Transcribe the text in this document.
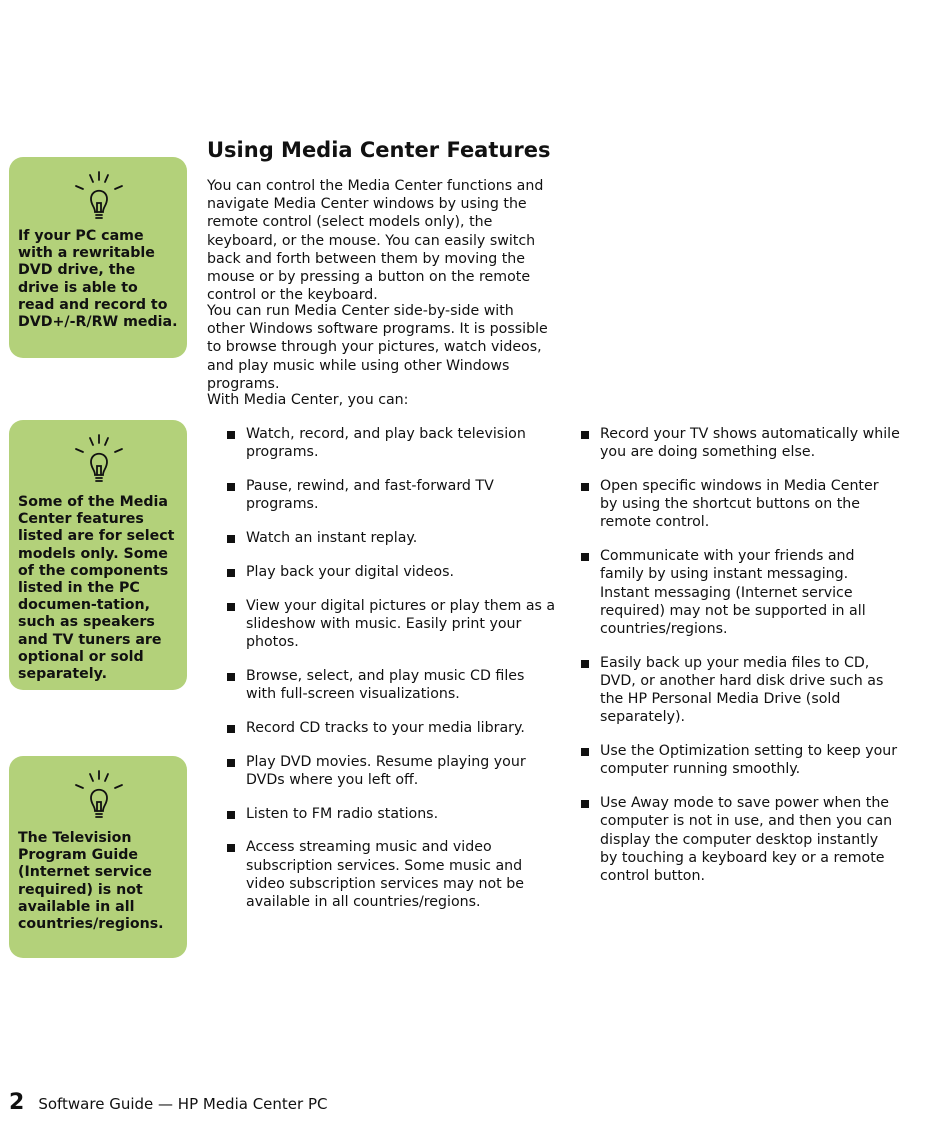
If your PC came with a rewritable DVD drive, the drive is able to read and record to DVD+/-R/RW media.

Some of the Media Center features listed are for select models only. Some of the components listed in the PC documen-tation, such as speakers and TV tuners are optional or sold separately.

The Television Program Guide (Internet service required) is not available in all countries/regions.

Using Media Center Features

You can control the Media Center functions and navigate Media Center windows by using the remote control (select models only), the keyboard, or the mouse. You can easily switch back and forth between them by moving the mouse or by pressing a button on the remote control or the keyboard.

You can run Media Center side-by-side with other Windows software programs. It is possible to browse through your pictures, watch videos, and play music while using other Windows programs.

With Media Center, you can:

Watch, record, and play back television programs.
Pause, rewind, and fast-forward TV programs.
Watch an instant replay.
Play back your digital videos.
View your digital pictures or play them as a slideshow with music. Easily print your photos.
Browse, select, and play music CD files with full-screen visualizations.
Record CD tracks to your media library.
Play DVD movies. Resume playing your DVDs where you left off.
Listen to FM radio stations.
Access streaming music and video subscription services. Some music and video subscription services may not be available in all countries/regions.
Record your TV shows automatically while you are doing something else.
Open specific windows in Media Center by using the shortcut buttons on the remote control.
Communicate with your friends and family by using instant messaging. Instant messaging (Internet service required) may not be supported in all countries/regions.
Easily back up your media files to CD, DVD, or another hard disk drive such as the HP Personal Media Drive (sold separately).
Use the Optimization setting to keep your computer running smoothly.
Use Away mode to save power when the computer is not in use, and then you can display the computer desktop instantly by touching a keyboard key or a remote control button.
2 Software Guide — HP Media Center PC
